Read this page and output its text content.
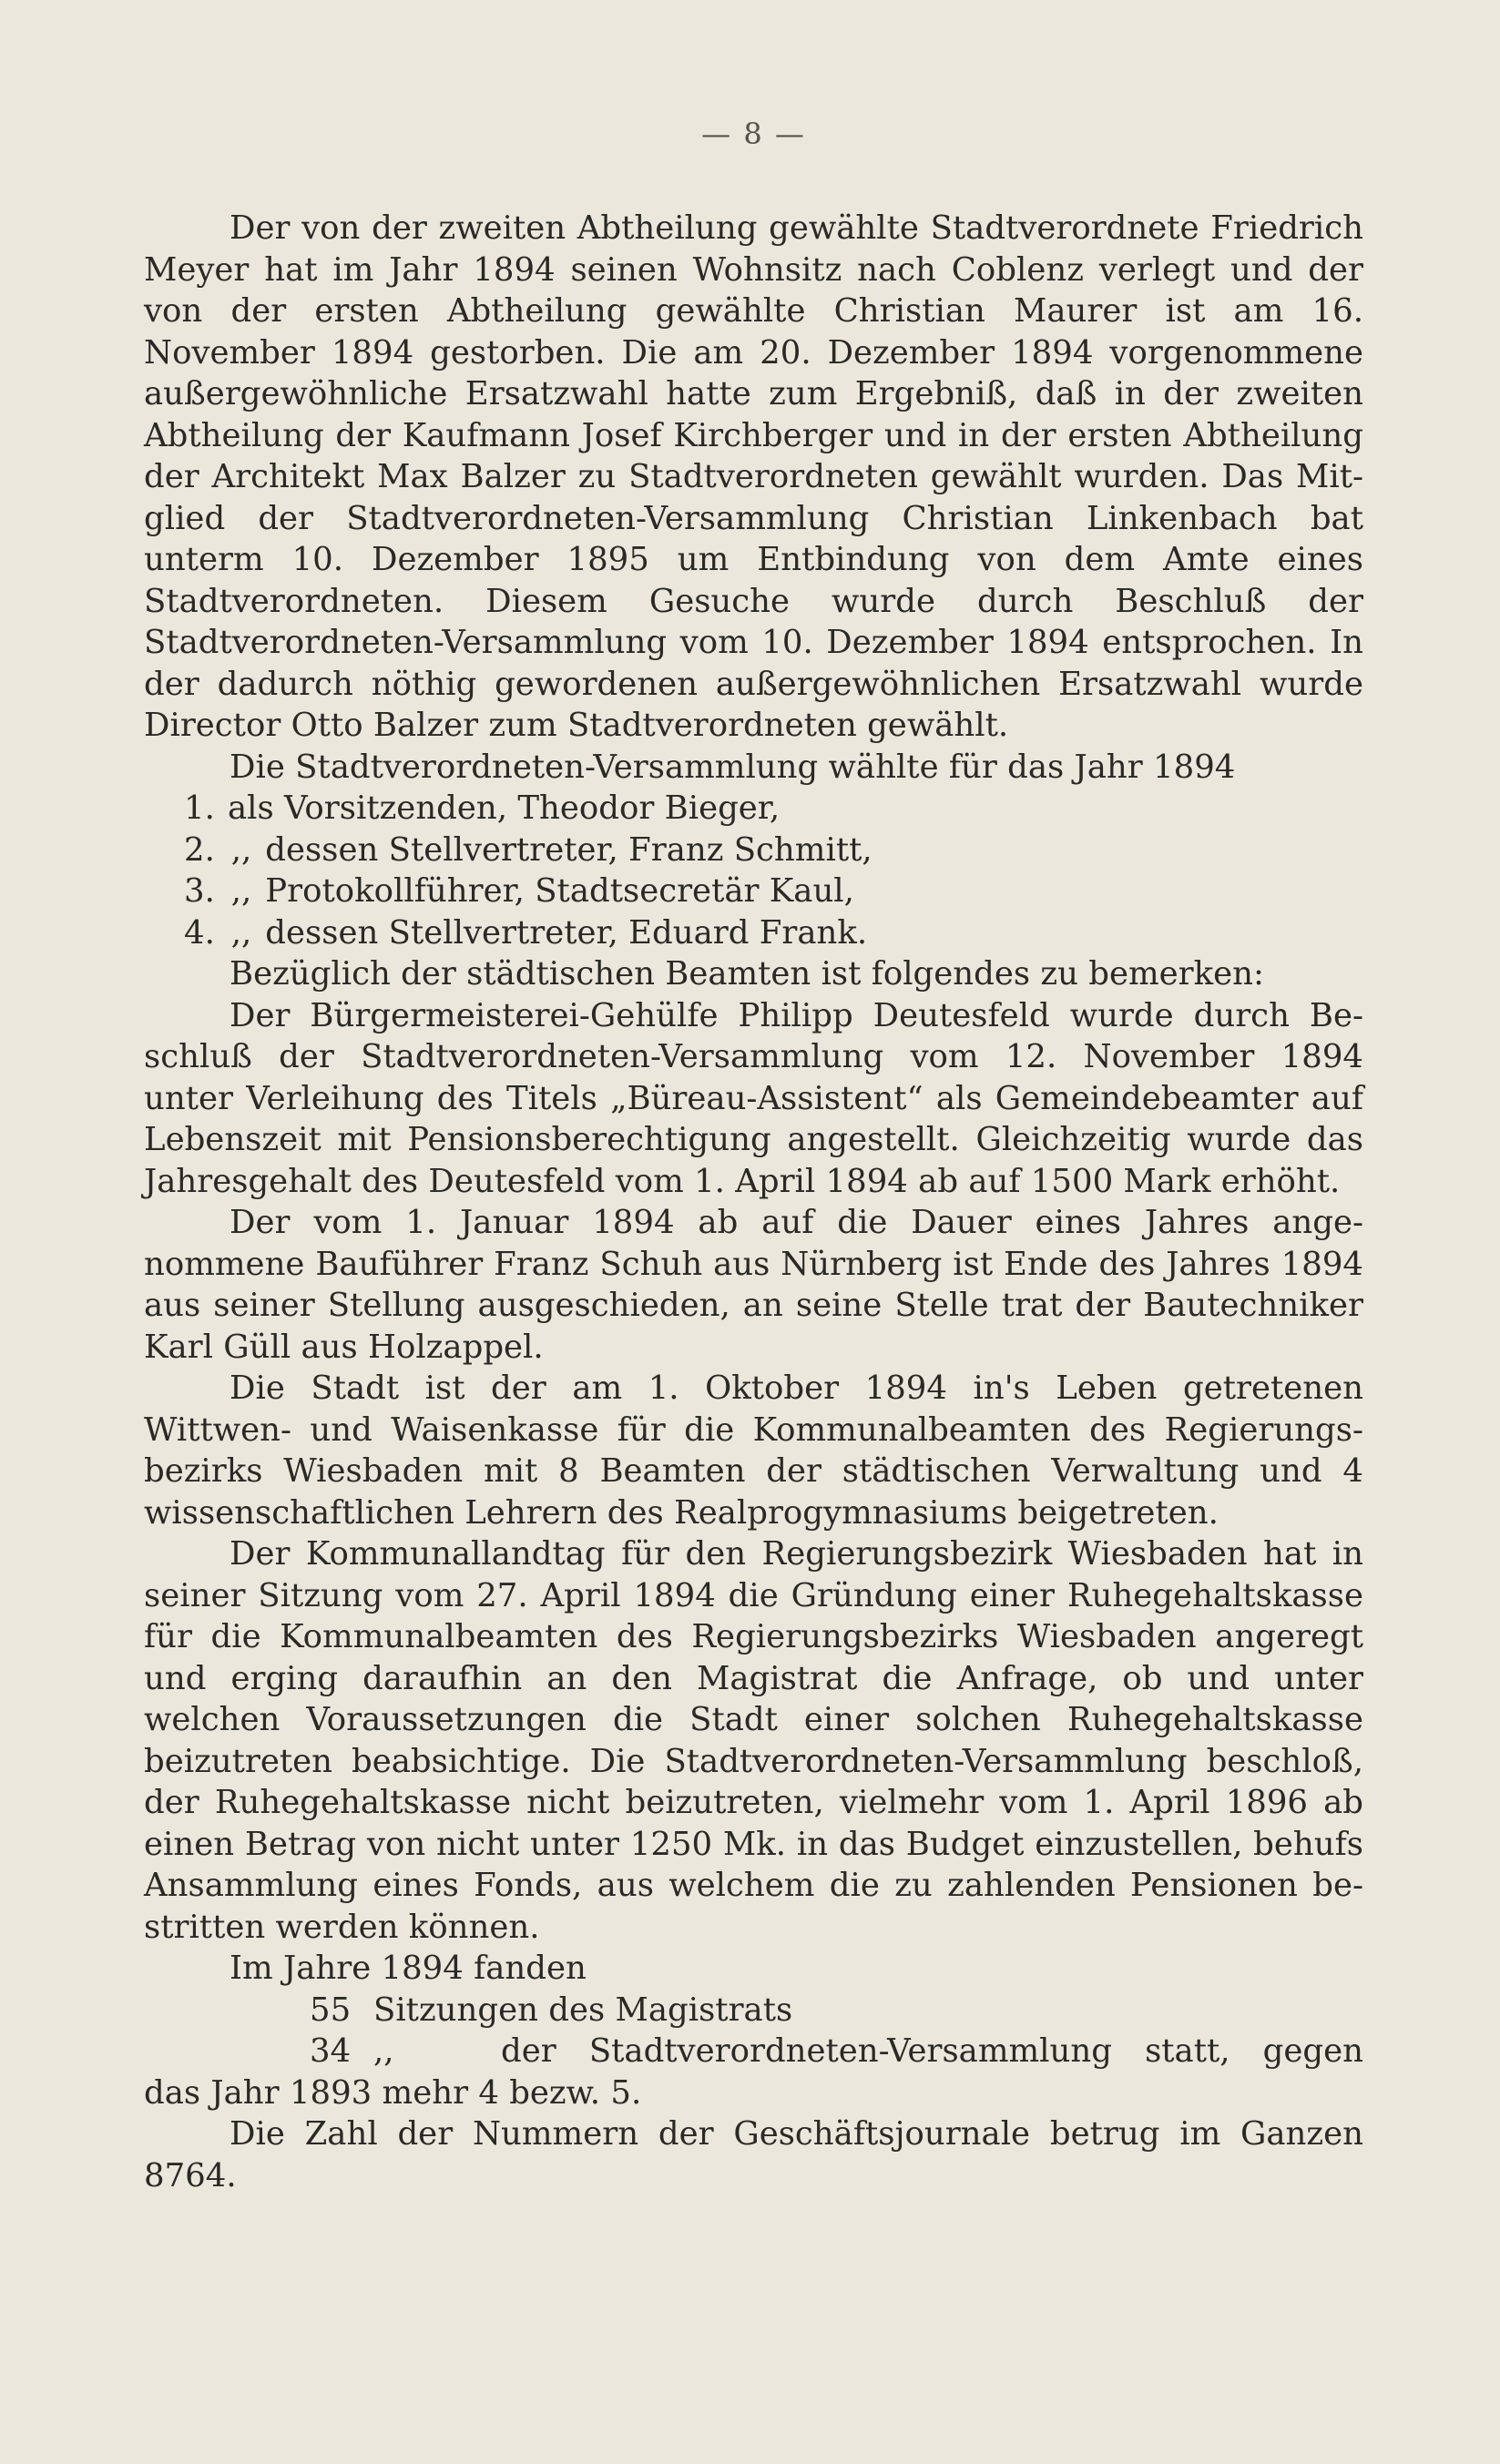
— 8 —

Der von der zweiten Abtheilung gewählte Stadtverordnete Friedrich Meyer hat im Jahr 1894 seinen Wohnsitz nach Coblenz verlegt und der von der ersten Abtheilung gewählte Christian Maurer ist am 16. November 1894 gestorben. Die am 20. Dezember 1894 vorgenommene außergewöhnliche Ersatzwahl hatte zum Ergebniß, daß in der zweiten Abtheilung der Kaufmann Josef Kirchberger und in der ersten Abtheilung der Architekt Max Balzer zu Stadtverordneten gewählt wurden. Das Mitglied der Stadtverordneten-Versammlung Christian Linkenbach bat unterm 10. Dezember 1895 um Entbindung von dem Amte eines Stadtverordneten. Diesem Gesuche wurde durch Beschluß der Stadtverordneten-Versammlung vom 10. Dezember 1894 entsprochen. In der dadurch nöthig gewordenen außergewöhnlichen Ersatzwahl wurde Director Otto Balzer zum Stadtverordneten gewählt.

Die Stadtverordneten-Versammlung wählte für das Jahr 1894

1. als Vorsitzenden, Theodor Bieger,
2. ,, dessen Stellvertreter, Franz Schmitt,
3. ,, Protokollführer, Stadtsecretär Kaul,
4. ,, dessen Stellvertreter, Eduard Frank.

Bezüglich der städtischen Beamten ist folgendes zu bemerken:

Der Bürgermeisterei-Gehülfe Philipp Deutesfeld wurde durch Beschluß der Stadtverordneten-Versammlung vom 12. November 1894 unter Verleihung des Titels „Büreau-Assistent“ als Gemeindebeamter auf Lebenszeit mit Pensionsberechtigung angestellt. Gleichzeitig wurde das Jahresgehalt des Deutesfeld vom 1. April 1894 ab auf 1500 Mark erhöht.

Der vom 1. Januar 1894 ab auf die Dauer eines Jahres angenommene Bauführer Franz Schuh aus Nürnberg ist Ende des Jahres 1894 aus seiner Stellung ausgeschieden, an seine Stelle trat der Bautechniker Karl Güll aus Holzappel.

Die Stadt ist der am 1. Oktober 1894 in's Leben getretenen Wittwen- und Waisenkasse für die Kommunalbeamten des Regierungsbezirks Wiesbaden mit 8 Beamten der städtischen Verwaltung und 4 wissenschaftlichen Lehrern des Realprogymnasiums beigetreten.

Der Kommunallandtag für den Regierungsbezirk Wiesbaden hat in seiner Sitzung vom 27. April 1894 die Gründung einer Ruhegehaltskasse für die Kommunalbeamten des Regierungsbezirks Wiesbaden angeregt und erging daraufhin an den Magistrat die Anfrage, ob und unter welchen Voraussetzungen die Stadt einer solchen Ruhegehaltskasse beizutreten beabsichtige. Die Stadtverordneten-Versammlung beschloß, der Ruhegehaltskasse nicht beizutreten, vielmehr vom 1. April 1896 ab einen Betrag von nicht unter 1250 Mk. in das Budget einzustellen, behufs Ansammlung eines Fonds, aus welchem die zu zahlenden Pensionen bestritten werden können.

Im Jahre 1894 fanden

55 Sitzungen des Magistrats

34 ,,	der Stadtverordneten-Versammlung statt, gegen

das Jahr 1893 mehr 4 bezw. 5.

Die Zahl der Nummern der Geschäftsjournale betrug im Ganzen 8764.
